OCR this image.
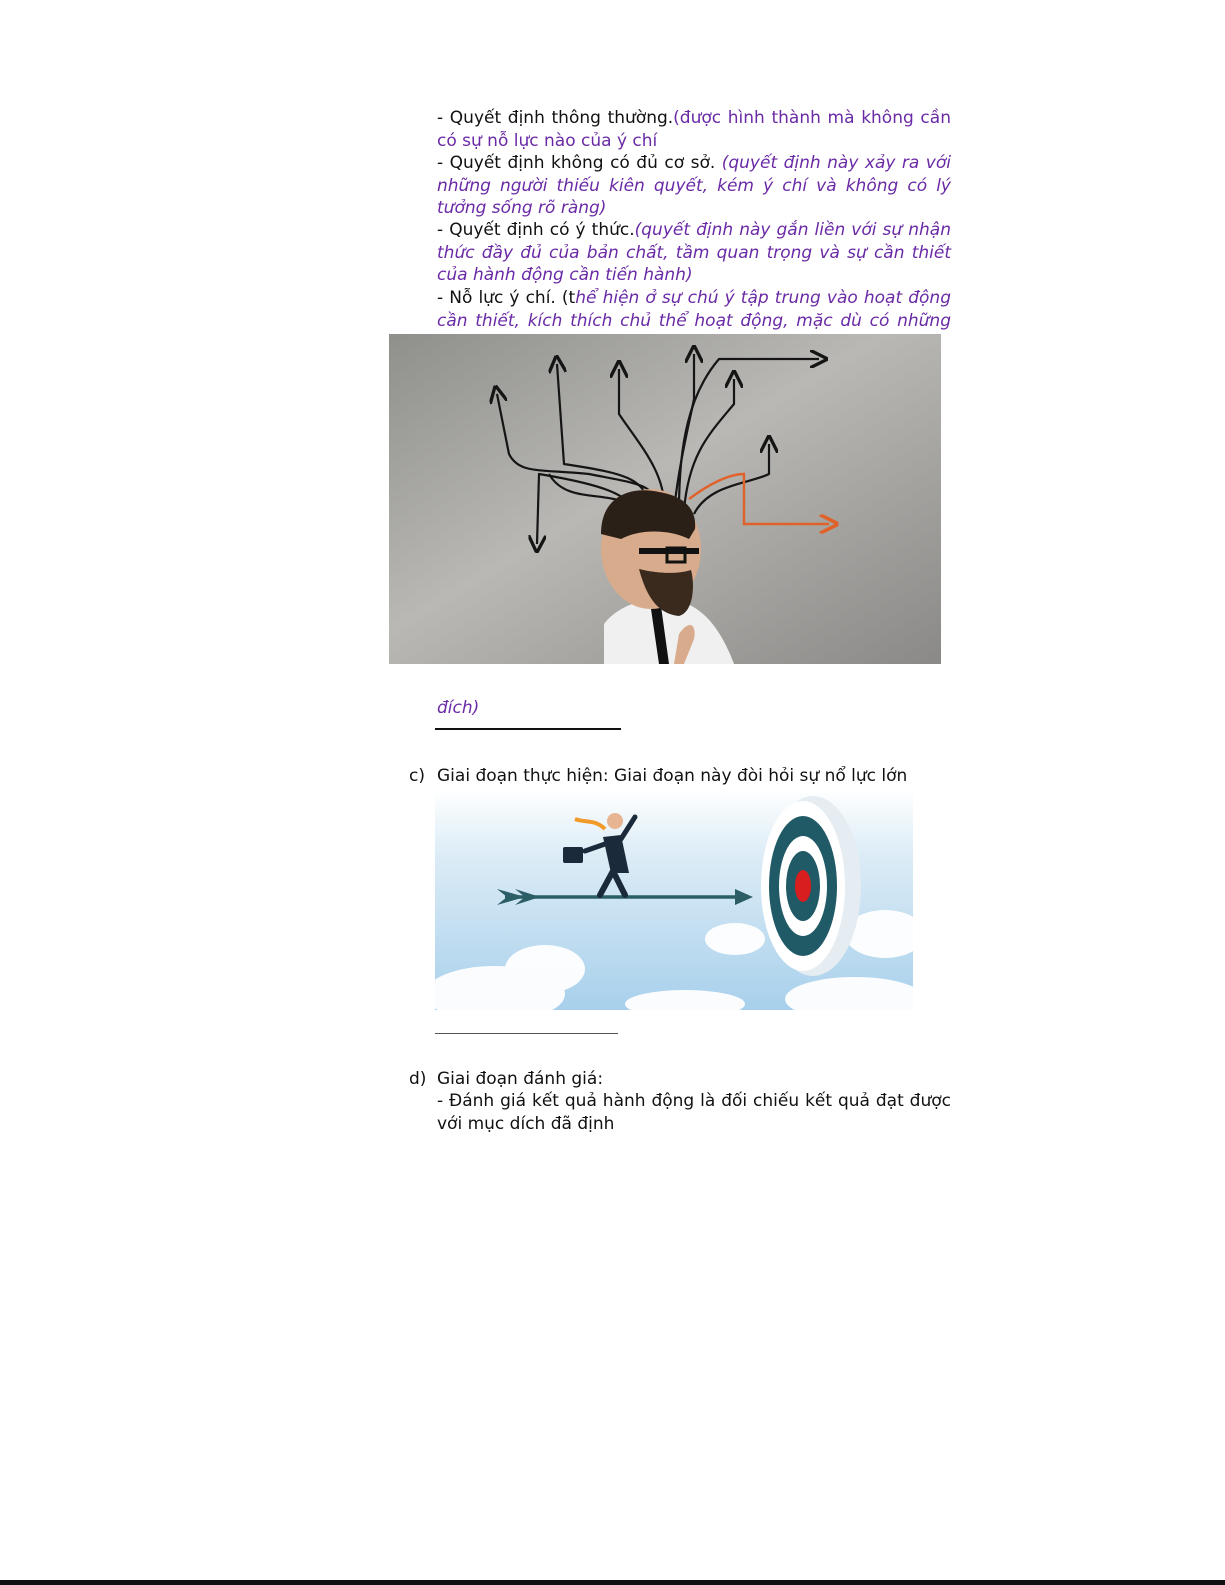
- Quyết định thông thường.(được hình thành mà không cần có sự nỗ lực nào của ý chí

- Quyết định không có đủ cơ sở. (quyết định này xảy ra với những người thiếu kiên quyết, kém ý chí và không có lý tưởng sống rõ ràng)

- Quyết định có ý thức.(quyết định này gắn liền với sự nhận thức đầy đủ của bản chất, tầm quan trọng và sự cần thiết của hành động cần tiến hành)

- Nỗ lực ý chí. (thể hiện ở sự chú ý tập trung vào hoạt động cần thiết, kích thích chủ thể hoạt động, mặc dù có những

đích)

c) Giai đoạn thực hiện: Giai đoạn này đòi hỏi sự nổ lực lớn

d) Giai đoạn đánh giá:

- Đánh giá kết quả hành động là đối chiếu kết quả đạt được với mục dích đã định
